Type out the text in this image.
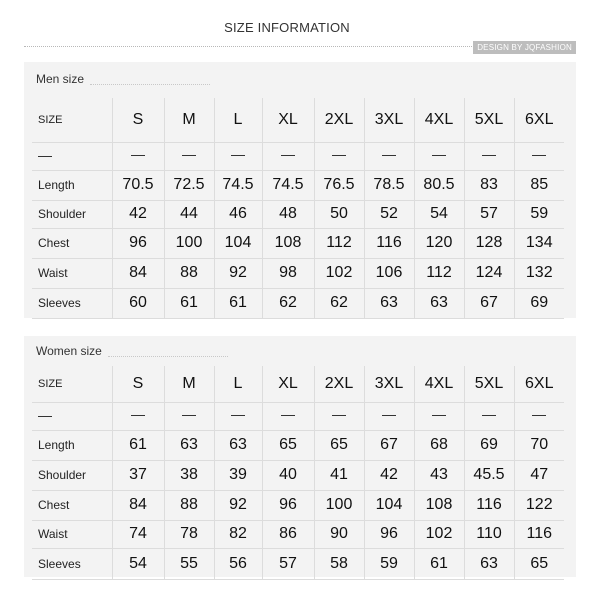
SIZE INFORMATION
DESIGN BY JQFASHION
Men size
SIZE	S	M	L	XL	2XL	3XL	4XL	5XL	6XL

Length	70.5	72.5	74.5	74.5	76.5	78.5	80.5	83	85
Shoulder	42	44	46	48	50	52	54	57	59
Chest	96	100	104	108	112	116	120	128	134
Waist	84	88	92	98	102	106	112	124	132
Sleeves	60	61	61	62	62	63	63	67	69
Women size
SIZE	S	M	L	XL	2XL	3XL	4XL	5XL	6XL

Length	61	63	63	65	65	67	68	69	70
Shoulder	37	38	39	40	41	42	43	45.5	47
Chest	84	88	92	96	100	104	108	116	122
Waist	74	78	82	86	90	96	102	110	116
Sleeves	54	55	56	57	58	59	61	63	65
